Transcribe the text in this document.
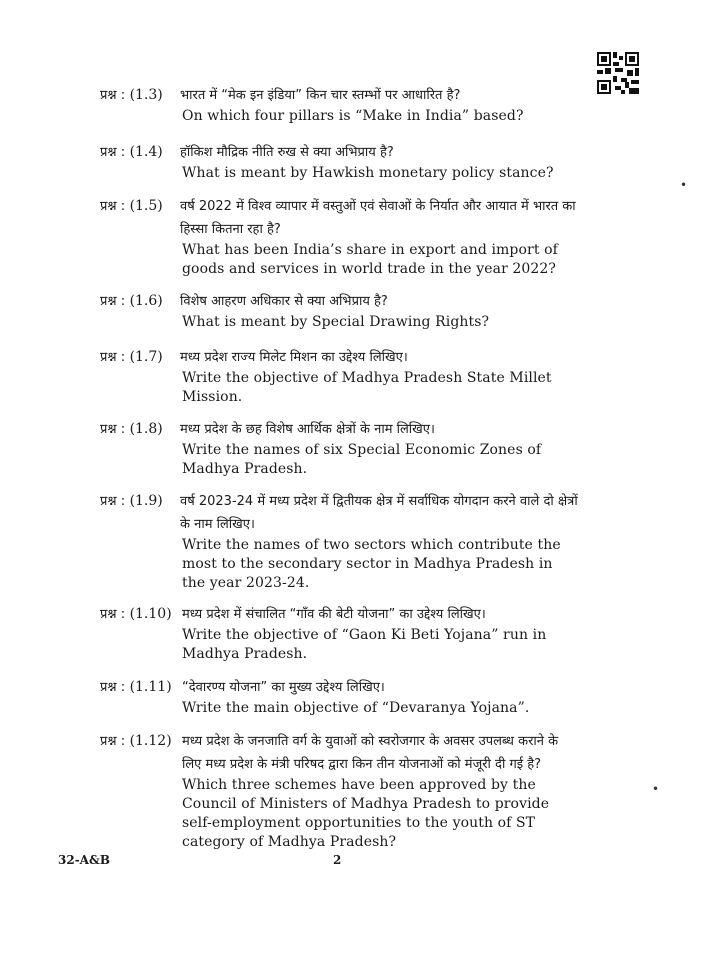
प्रश्न : (1.3)	भारत में “मेक इन इंडिया” किन चार स्तम्भों पर आधारित है?
On which four pillars is “Make in India” based?
प्रश्न : (1.4)	हॉकिश मौद्रिक नीति रुख से क्या अभिप्राय है?
What is meant by Hawkish monetary policy stance?
प्रश्न : (1.5)	वर्ष 2022 में विश्व व्यापार में वस्तुओं एवं सेवाओं के निर्यात और आयात में भारत का हिस्सा कितना रहा है?
What has been India’s share in export and import of goods and services in world trade in the year 2022?
प्रश्न : (1.6)	विशेष आहरण अधिकार से क्या अभिप्राय है?
What is meant by Special Drawing Rights?
प्रश्न : (1.7)	मध्य प्रदेश राज्य मिलेट मिशन का उद्देश्य लिखिए।
Write the objective of Madhya Pradesh State Millet Mission.
प्रश्न : (1.8)	मध्य प्रदेश के छह विशेष आर्थिक क्षेत्रों के नाम लिखिए।
Write the names of six Special Economic Zones of Madhya Pradesh.
प्रश्न : (1.9)	वर्ष 2023-24 में मध्य प्रदेश में द्वितीयक क्षेत्र में सर्वाधिक योगदान करने वाले दो क्षेत्रों के नाम लिखिए।
Write the names of two sectors which contribute the most to the secondary sector in Madhya Pradesh in the year 2023-24.
प्रश्न : (1.10) मध्य प्रदेश में संचालित “गाँव की बेटी योजना” का उद्देश्य लिखिए।
Write the objective of “Gaon Ki Beti Yojana” run in Madhya Pradesh.
प्रश्न : (1.11) “देवारण्य योजना” का मुख्य उद्देश्य लिखिए।
Write the main objective of “Devaranya Yojana”.
प्रश्न : (1.12) मध्य प्रदेश के जनजाति वर्ग के युवाओं को स्वरोजगार के अवसर उपलब्ध कराने के लिए मध्य प्रदेश के मंत्री परिषद द्वारा किन तीन योजनाओं को मंजूरी दी गई है?
Which three schemes have been approved by the Council of Ministers of Madhya Pradesh to provide self-employment opportunities to the youth of ST category of Madhya Pradesh?
32-A&B	2
•
•
